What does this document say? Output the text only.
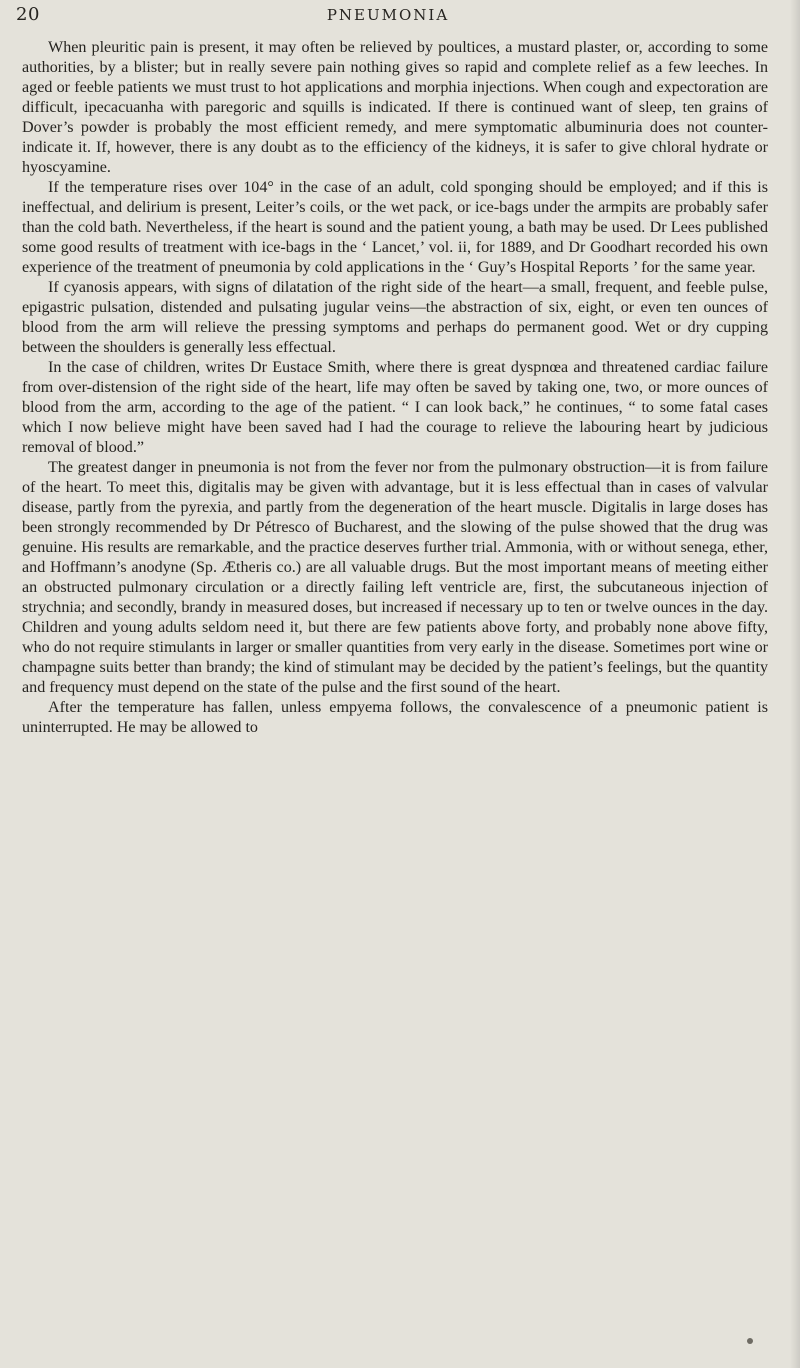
20	PNEUMONIA

When pleuritic pain is present, it may often be relieved by poultices, a mustard plaster, or, according to some authorities, by a blister; but in really severe pain nothing gives so rapid and complete relief as a few leeches. In aged or feeble patients we must trust to hot applications and morphia injections. When cough and expectoration are difficult, ipecacuanha with paregoric and squills is indicated. If there is continued want of sleep, ten grains of Dover’s powder is probably the most efficient remedy, and mere symptomatic albuminuria does not counter-indicate it. If, however, there is any doubt as to the efficiency of the kidneys, it is safer to give chloral hydrate or hyoscyamine.

If the temperature rises over 104° in the case of an adult, cold sponging should be employed; and if this is ineffectual, and delirium is present, Leiter’s coils, or the wet pack, or ice-bags under the armpits are probably safer than the cold bath. Nevertheless, if the heart is sound and the patient young, a bath may be used. Dr Lees published some good results of treatment with ice-bags in the ‘ Lancet,’ vol. ii, for 1889, and Dr Goodhart recorded his own experience of the treatment of pneumonia by cold applications in the ‘ Guy’s Hospital Reports ’ for the same year.

If cyanosis appears, with signs of dilatation of the right side of the heart—a small, frequent, and feeble pulse, epigastric pulsation, distended and pulsating jugular veins—the abstraction of six, eight, or even ten ounces of blood from the arm will relieve the pressing symptoms and perhaps do permanent good. Wet or dry cupping between the shoulders is generally less effectual.

In the case of children, writes Dr Eustace Smith, where there is great dyspnœa and threatened cardiac failure from over-distension of the right side of the heart, life may often be saved by taking one, two, or more ounces of blood from the arm, according to the age of the patient. “ I can look back,” he continues, “ to some fatal cases which I now believe might have been saved had I had the courage to relieve the labouring heart by judicious removal of blood.”

The greatest danger in pneumonia is not from the fever nor from the pulmonary obstruction—it is from failure of the heart. To meet this, digitalis may be given with advantage, but it is less effectual than in cases of valvular disease, partly from the pyrexia, and partly from the degeneration of the heart muscle. Digitalis in large doses has been strongly recommended by Dr Pétresco of Bucharest, and the slowing of the pulse showed that the drug was genuine. His results are remarkable, and the practice deserves further trial. Ammonia, with or without senega, ether, and Hoffmann’s anodyne (Sp. Ætheris co.) are all valuable drugs. But the most important means of meeting either an obstructed pulmonary circulation or a directly failing left ventricle are, first, the subcutaneous injection of strychnia; and secondly, brandy in measured doses, but increased if necessary up to ten or twelve ounces in the day. Children and young adults seldom need it, but there are few patients above forty, and probably none above fifty, who do not require stimulants in larger or smaller quantities from very early in the disease. Sometimes port wine or champagne suits better than brandy; the kind of stimulant may be decided by the patient’s feelings, but the quantity and frequency must depend on the state of the pulse and the first sound of the heart.

After the temperature has fallen, unless empyema follows, the convalescence of a pneumonic patient is uninterrupted. He may be allowed to
